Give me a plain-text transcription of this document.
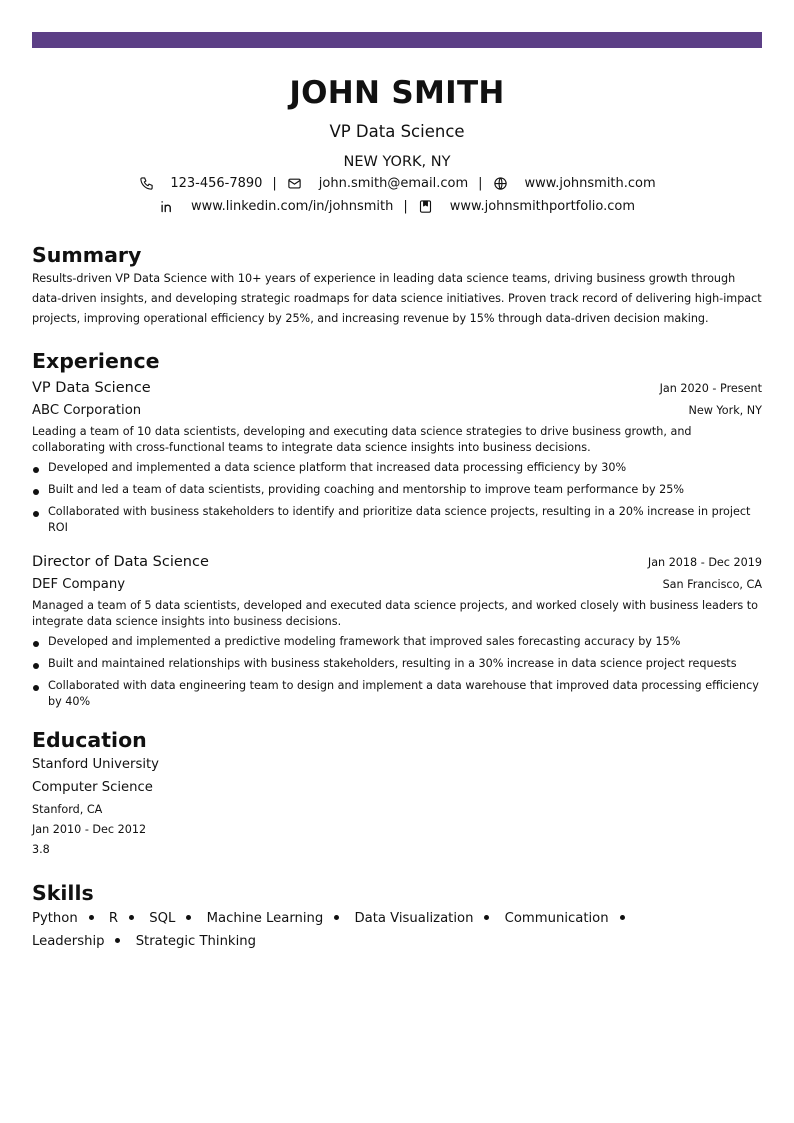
JOHN SMITH
VP Data Science
NEW YORK, NY
123-456-7890 |	john.smith@email.com |	www.johnsmith.com
www.linkedin.com/in/johnsmith |	www.johnsmithportfolio.com
Summary

Results-driven VP Data Science with 10+ years of experience in leading data science teams, driving business growth through data-driven insights, and developing strategic roadmaps for data science initiatives. Proven track record of delivering high-impact projects, improving operational efficiency by 25%, and increasing revenue by 15% through data-driven decision making.

Experience
VP Data Science	Jan 2020 - Present
ABC Corporation	New York, NY

Leading a team of 10 data scientists, developing and executing data science strategies to drive business growth, and collaborating with cross-functional teams to integrate data science insights into business decisions.

Developed and implemented a data science platform that increased data processing efficiency by 30%
Built and led a team of data scientists, providing coaching and mentorship to improve team performance by 25%
Collaborated with business stakeholders to identify and prioritize data science projects, resulting in a 20% increase in project ROI
Director of Data Science	Jan 2018 - Dec 2019
DEF Company	San Francisco, CA

Managed a team of 5 data scientists, developed and executed data science projects, and worked closely with business leaders to integrate data science insights into business decisions.

Developed and implemented a predictive modeling framework that improved sales forecasting accuracy by 15%
Built and maintained relationships with business stakeholders, resulting in a 30% increase in data science project requests
Collaborated with data engineering team to design and implement a data warehouse that improved data processing efficiency by 40%
Education
Stanford University
Computer Science
Stanford, CA
Jan 2010 - Dec 2012
3.8
Skills
Python R SQL Machine Learning Data Visualization Communication Leadership Strategic Thinking
